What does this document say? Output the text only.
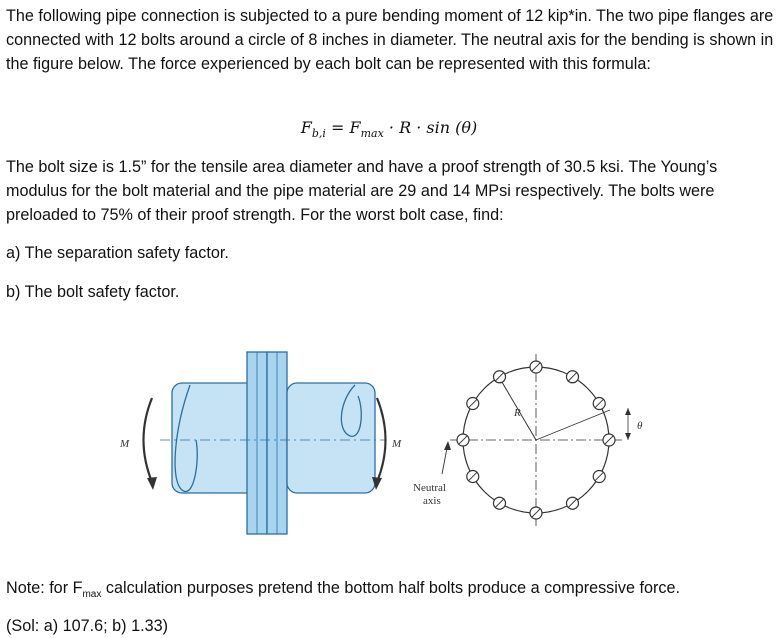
The following pipe connection is subjected to a pure bending moment of 12 kip*in. The two pipe flanges are connected with 12 bolts around a circle of 8 inches in diameter. The neutral axis for the bending is shown in the figure below. The force experienced by each bolt can be represented with this formula:

$F_{b,i} = F_{max} \cdot R \cdot \sin (\theta)$

The bolt size is 1.5” for the tensile area diameter and have a proof strength of 30.5 ksi. The Young’s modulus for the bolt material and the pipe material are 29 and 14 MPsi respectively. The bolts were preloaded to 75% of their proof strength. For the worst bolt case, find:

a) The separation safety factor.

b) The bolt safety factor.

M	M
R
θ
Neutral
axis

Note: for $F_{max}$ calculation purposes pretend the bottom half bolts produce a compressive force.

(Sol: a) 107.6; b) 1.33)
